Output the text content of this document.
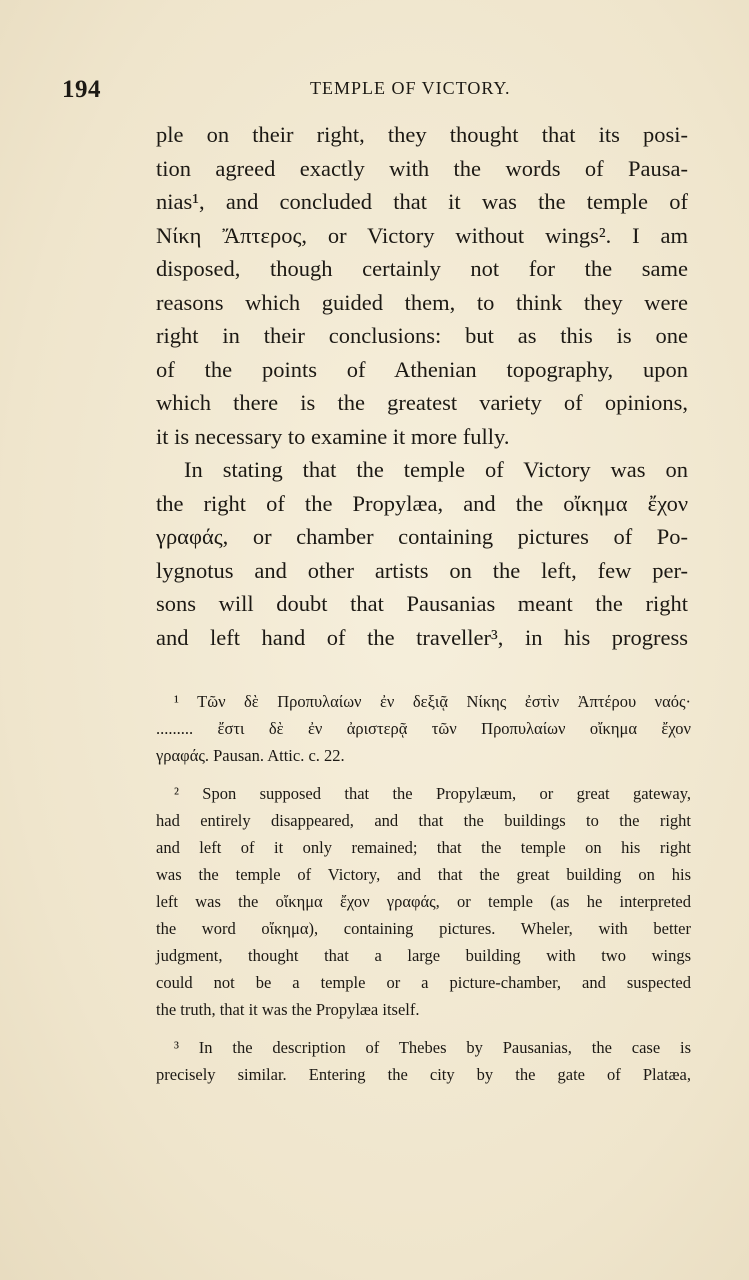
194	TEMPLE OF VICTORY.
ple on their right, they thought that its posi-
tion agreed exactly with the words of Pausa-
nias¹, and concluded that it was the temple of
Νίκη Ἄπτερος, or Victory without wings². I am
disposed, though certainly not for the same
reasons which guided them, to think they were
right in their conclusions: but as this is one
of the points of Athenian topography, upon
which there is the greatest variety of opinions,
it is necessary to examine it more fully.
In stating that the temple of Victory was on
the right of the Propylæa, and the οἴκημα ἔχον
γραφάς, or chamber containing pictures of Po-
lygnotus and other artists on the left, few per-
sons will doubt that Pausanias meant the right
and left hand of the traveller³, in his progress
¹ Τῶν δὲ Προπυλαίων ἐν δεξιᾷ Νίκης ἐστὶν Ἀπτέρου ναός·
......... ἔστι δὲ ἐν ἀριστερᾷ τῶν Προπυλαίων οἴκημα ἔχον
γραφάς. Pausan. Attic. c. 22.
² Spon supposed that the Propylæum, or great gateway,
had entirely disappeared, and that the buildings to the right
and left of it only remained; that the temple on his right
was the temple of Victory, and that the great building on his
left was the οἴκημα ἔχον γραφάς, or temple (as he interpreted
the word οἴκημα), containing pictures. Wheler, with better
judgment, thought that a large building with two wings
could not be a temple or a picture-chamber, and suspected
the truth, that it was the Propylæa itself.
³ In the description of Thebes by Pausanias, the case is
precisely similar. Entering the city by the gate of Platæa,
